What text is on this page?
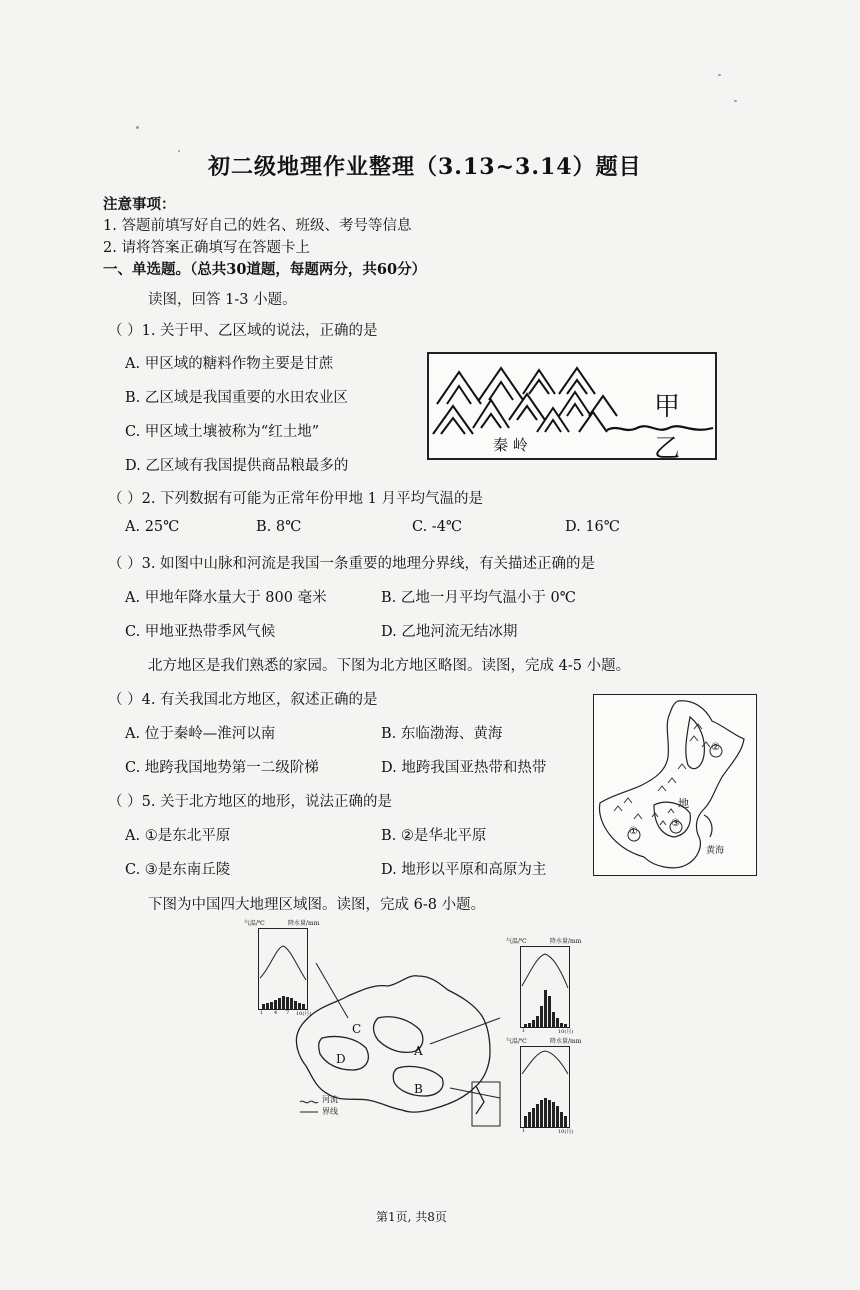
初二级地理作业整理（3.13~3.14）题目
注意事项：
1. 答题前填写好自己的姓名、班级、考号等信息
2. 请将答案正确填写在答题卡上
一、单选题。（总共30道题，每题两分，共60分）
读图，回答 1-3 小题。
（ ）1. 关于甲、乙区域的说法，正确的是
A. 甲区域的糖料作物主要是甘蔗
B. 乙区域是我国重要的水田农业区
C. 甲区域土壤被称为“红土地”
D. 乙区域有我国提供商品粮最多的
甲
乙
秦 岭
（ ）2. 下列数据有可能为正常年份甲地 1 月平均气温的是
A. 25℃	B. 8℃	C. -4℃	D. 16℃
（ ）3. 如图中山脉和河流是我国一条重要的地理分界线，有关描述正确的是
A. 甲地年降水量大于 800 毫米	B. 乙地一月平均气温小于 0℃
C. 甲地亚热带季风气候	D. 乙地河流无结冰期
北方地区是我们熟悉的家园。下图为北方地区略图。读图，完成 4-5 小题。
（ ）4. 有关我国北方地区，叙述正确的是
A. 位于秦岭—淮河以南	B. 东临渤海、黄海
C. 地跨我国地势第一二级阶梯	D. 地跨我国亚热带和热带
（ ）5. 关于北方地区的地形，说法正确的是
A. ①是东北平原	B. ②是华北平原
C. ③是东南丘陵	D. 地形以平原和高原为主
②
①
③
地
黄海
下图为中国四大地理区域图。读图，完成 6-8 小题。
C
D
A
B
河流
界线
气温/℃	降水量/mm
1 4 7 10(月)
气温/℃	降水量/mm
1	10(月)
气温/℃	降水量/mm
1	10(月)
第1页, 共8页
